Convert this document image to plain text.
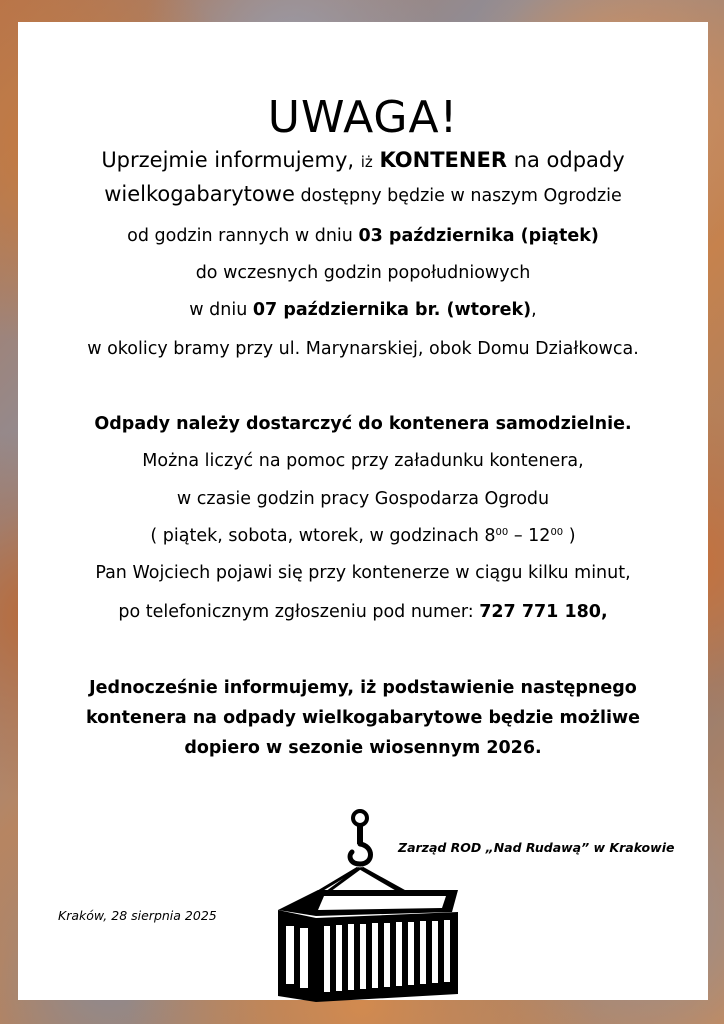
UWAGA!
Uprzejmie informujemy, iż KONTENER na odpady
wielkogabarytowe dostępny będzie w naszym Ogrodzie
od godzin rannych w dniu 03 października (piątek)
do wczesnych godzin popołudniowych
w dniu 07 października br. (wtorek),
w okolicy bramy przy ul. Marynarskiej, obok Domu Działkowca.
Odpady należy dostarczyć do kontenera samodzielnie.
Można liczyć na pomoc przy załadunku kontenera,
w czasie godzin pracy Gospodarza Ogrodu
( piątek, sobota, wtorek, w godzinach $8^{00} - 12^{00}$ )
Pan Wojciech pojawi się przy kontenerze w ciągu kilku minut,
po telefonicznym zgłoszeniu pod numer: 727 771 180,
Jednocześnie informujemy, iż podstawienie następnego
kontenera na odpady wielkogabarytowe będzie możliwe
dopiero w sezonie wiosennym 2026.
Zarząd ROD „Nad Rudawą” w Krakowie
Kraków, 28 sierpnia 2025
